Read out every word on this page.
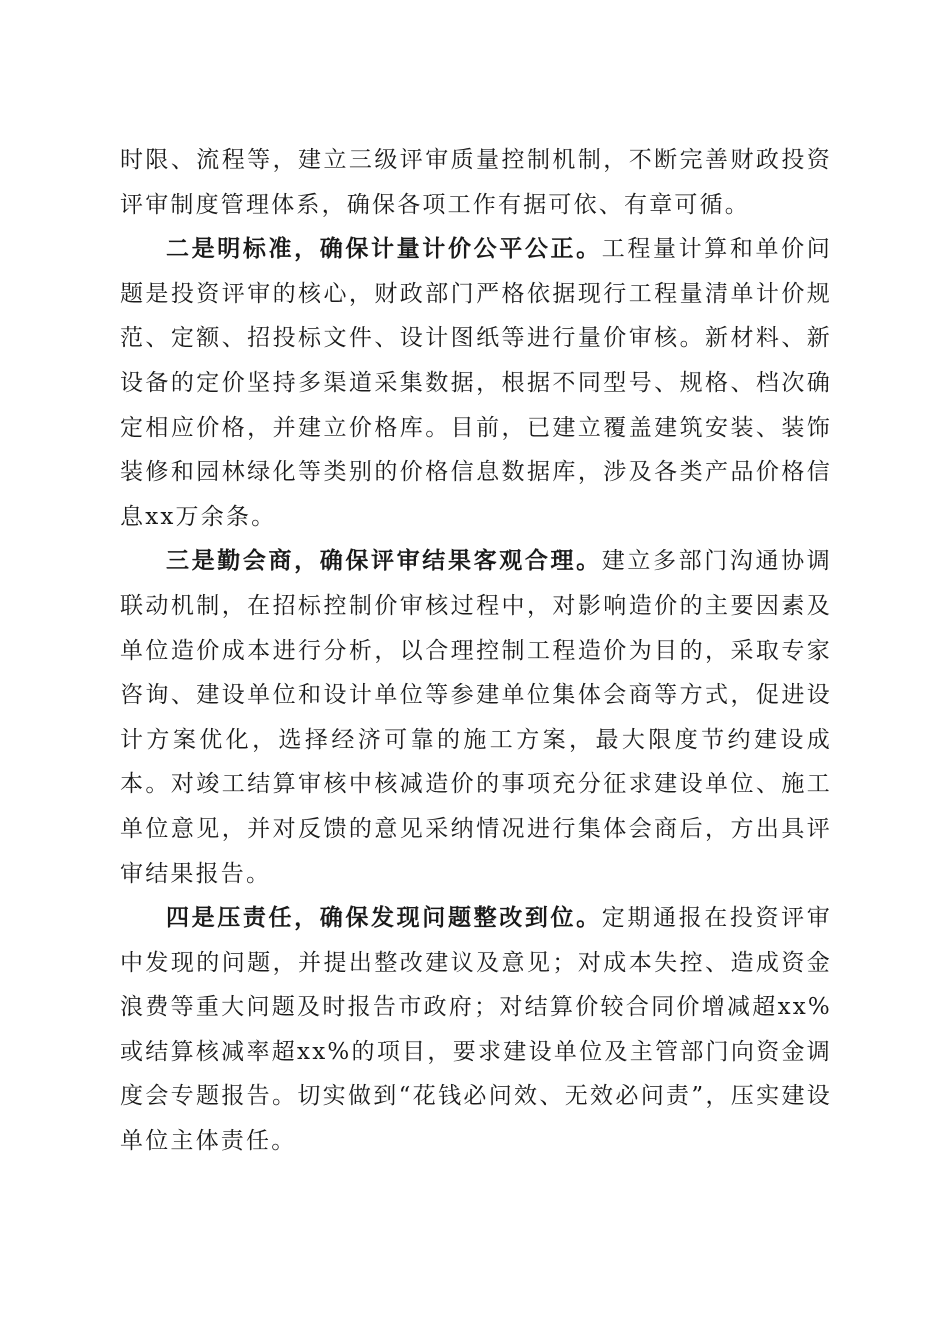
时限、流程等，建立三级评审质量控制机制，不断完善财政投资评审制度管理体系，确保各项工作有据可依、有章可循。

二是明标准，确保计量计价公平公正。工程量计算和单价问题是投资评审的核心，财政部门严格依据现行工程量清单计价规范、定额、招投标文件、设计图纸等进行量价审核。新材料、新设备的定价坚持多渠道采集数据，根据不同型号、规格、档次确定相应价格，并建立价格库。目前，已建立覆盖建筑安装、装饰装修和园林绿化等类别的价格信息数据库，涉及各类产品价格信息xx万余条。

三是勤会商，确保评审结果客观合理。建立多部门沟通协调联动机制，在招标控制价审核过程中，对影响造价的主要因素及单位造价成本进行分析，以合理控制工程造价为目的，采取专家咨询、建设单位和设计单位等参建单位集体会商等方式，促进设计方案优化，选择经济可靠的施工方案，最大限度节约建设成本。对竣工结算审核中核减造价的事项充分征求建设单位、施工单位意见，并对反馈的意见采纳情况进行集体会商后，方出具评审结果报告。

四是压责任，确保发现问题整改到位。定期通报在投资评审中发现的问题，并提出整改建议及意见；对成本失控、造成资金浪费等重大问题及时报告市政府；对结算价较合同价增减超xx%或结算核减率超xx%的项目，要求建设单位及主管部门向资金调度会专题报告。切实做到“花钱必问效、无效必问责”，压实建设单位主体责任。
